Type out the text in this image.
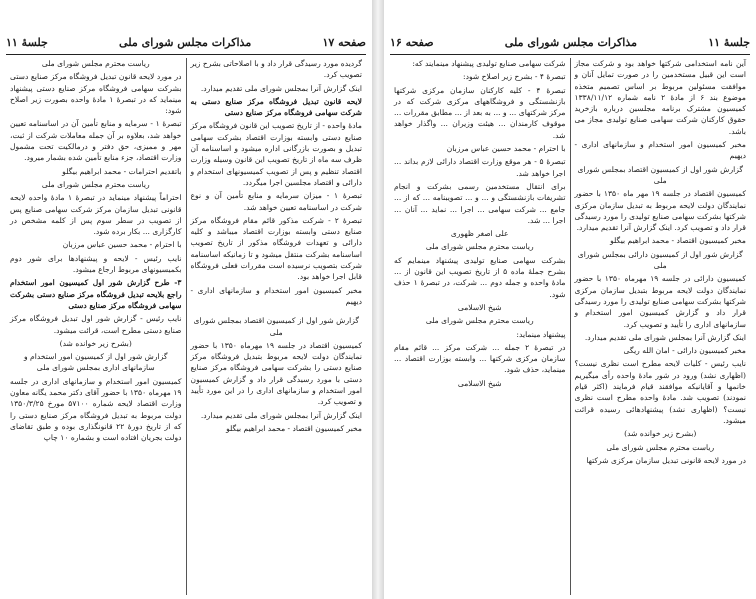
صفحه ۱۷
مذاکرات مجلس شورای ملی
جلسهٔ ۱۱

گردیده مورد رسیدگی قرار داد و با اصلاحاتی بشرح زیر تصویب کرد.

اینک گزارش آنرا بمجلس شورای ملی تقدیم میدارد.

لایحه قانون تبدیل فروشگاه مرکز صنایع دستی به شرکت سهامی فروشگاه مرکز صنایع دستی

مادهٔ واحده - از تاریخ تصویب این قانون فروشگاه مرکز صنایع دستی وابسته بوزارت اقتصاد بشرکت سهامی تبدیل و بصورت بازرگانی اداره میشود و اساسنامه آن ظرف سه ماه از تاریخ تصویب این قانون وسیله وزارت اقتصاد تنظیم و پس از تصویب کمیسیونهای استخدام و دارائی و اقتصاد مجلسین اجرا میگردد.

تبصرهٔ ۱ - میزان سرمایه و منابع تأمین آن و نوع شرکت در اساسنامه تعیین خواهد شد.

تبصرهٔ ۲ - شرکت مذکور قائم مقام فروشگاه مرکز صنایع دستی وابسته بوزارت اقتصاد میباشد و کلیه دارائی و تعهدات فروشگاه مذکور از تاریخ تصویب اساسنامه بشرکت منتقل میشود و تا زمانیکه اساسنامه شرکت بتصویب نرسیده است مقررات فعلی فروشگاه قابل اجرا خواهد بود.

مخبر کمیسیون امور استخدام و سازمانهای اداری - دیهیم

گزارش شور اول از کمیسیون اقتصاد بمجلس شورای ملی

کمیسیون اقتصاد در جلسه ۱۹ مهرماه ۱۳۵۰ با حضور نمایندگان دولت لایحه مربوط بتبدیل فروشگاه مرکز صنایع دستی را بشرکت سهامی فروشگاه مرکز صنایع دستی با مورد رسیدگی قرار داد و گزارش کمیسیون امور استخدام و سازمانهای اداری را در این مورد تأیید و تصویب کرد.

اینک گزارش آنرا بمجلس شورای ملی تقدیم میدارد.

مخبر کمیسیون اقتصاد - محمد ابراهیم بیگلو

ریاست محترم مجلس شورای ملی

در مورد لایحه قانون تبدیل فروشگاه مرکز صنایع دستی بشرکت سهامی فروشگاه مرکز صنایع دستی پیشنهاد مینماید که در تبصرهٔ ۱ مادهٔ واحده بصورت زیر اصلاح شود:

تبصرهٔ ۱ - سرمایه و منابع تأمین آن در اساسنامه تعیین خواهد شد، بعلاوه بر آن جمله معاملات شرکت از ثبت، مهر و ممیزی، حق دفتر و درمالکیت تحت مشمول وزارت اقتصاد، جزء منابع تأمین شده بشمار میرود.

باتقدیم احترامات - محمد ابراهیم بیگلو

ریاست محترم مجلس شورای ملی

احتراماً پیشنهاد مینماید در تبصرهٔ ۱ مادهٔ واحده لایحه قانونی تبدیل سازمان مرکز شرکت سهامی صنایع پس از تصویب در سطر سوم پس از کلمه مشخص در کارگزاری ... بکار برده شود.

با احترام - محمد حسین عباس مرزبان

نایب رئیس - لایحه و پیشنهادها برای شور دوم بکمیسیونهای مربوط ارجاع میشود.

۳- طرح گزارش شور اول کمیسیون امور استخدام راجع بلایحه تبدیل فروشگاه مرکز صنایع دستی بشرکت سهامی فروشگاه مرکز صنایع دستی

نایب رئیس - گزارش شور اول تبدیل فروشگاه مرکز صنایع دستی مطرح است، قرائت میشود.

(بشرح زیر خوانده شد)

گزارش شور اول از کمیسیون امور استخدام و سازمانهای اداری بمجلس شورای ملی

کمیسیون امور استخدام و سازمانهای اداری در جلسه ۱۹ مهرماه ۱۳۵۰ با حضور آقای دکتر محمد یگانه معاون وزارت اقتصاد لایحه شماره ۵۷۱۰۰ مورخ ۱۳۵۰/۳/۲۵ دولت مربوط به تبدیل فروشگاه مرکز صنایع دستی را که از تاریخ دورهٔ ۲۲ قانونگذاری بوده و طبق تقاضای دولت بجریان افتاده است و بشماره ۱۰ چاپ

جلسهٔ ۱۱
مذاکرات مجلس شورای ملی
صفحه ۱۶

آین نامه استخدامی شرکتها خواهد بود و شرکت مجاز است این قبیل مستخدمین را در صورت تمایل آنان و موافقت مسئولین مربوط بر اساس تصمیم متخذه موضوع بند ۶ از مادهٔ ۲ نامه شماره ۱۳۳۸/۱۱/۱۲ کمیسیون مشترک برنامه مجلسین درباره بازخرید حقوق کارکنان شرکت سهامی صنایع تولیدی مجاز می باشد.

مخبر کمیسیون امور استخدام و سازمانهای اداری - دیهیم

گزارش شور اول از کمیسیون اقتصاد بمجلس شورای ملی

کمیسیون اقتصاد در جلسه ۱۹ مهر ماه ۱۳۵۰ با حضور نمایندگان دولت لایحه مربوط به تبدیل سازمان مرکزی شرکتها بشرکت سهامی صنایع تولیدی را مورد رسیدگی قرار داد و تصویب کرد. اینک گزارش آنرا تقدیم میدارد.

مخبر کمیسیون اقتصاد - محمد ابراهیم بیگلو

گزارش شور اول از کمیسیون دارائی بمجلس شورای ملی

کمیسیون دارائی در جلسه ۱۹ مهرماه ۱۳۵۰ با حضور نمایندگان دولت لایحه مربوط بتبدیل سازمان مرکزی شرکتها بشرکت سهامی صنایع تولیدی را مورد رسیدگی قرار داد و گزارش کمیسیون امور استخدام و سازمانهای اداری را تأیید و تصویب کرد.

اینک گزارش آنرا بمجلس شورای ملی تقدیم میدارد.

مخبر کمیسیون دارائی - امان الله ریگی

نایب رئیس - کلیات لایحه مطرح است نظری نیست؟ (اظهاری نشد) ورود در شور مادهٔ واحده رأی میگیریم خانمها و آقایانیکه موافقند قیام فرمایند (اکثر قیام نمودند) تصویب شد. مادهٔ واحده مطرح است نظری نیست؟ (اظهاری نشد) پیشنهادهائی رسیده قرائت میشود.

(بشرح زیر خوانده شد)

ریاست محترم مجلس شورای ملی

در مورد لایحه قانونی تبدیل سازمان مرکزی شرکتها

شرکت سهامی صنایع تولیدی پیشنهاد مینمایند که:

تبصرهٔ ۴ - بشرح زیر اصلاح شود:

تبصرهٔ ۴ - کلیه کارکنان سازمان مرکزی شرکتها بازنشستگی و فروشگاههای مرکزی شرکت که در مرکز شرکتهای ... و ... به بعد از ... مطابق مقررات ... موقوف کارمندان ... هیئت وزیران ... واگذار خواهد شد.

با احترام - محمد حسین عباس مرزبان

تبصرهٔ ۵ - هر موقع وزارت اقتصاد دارائی لازم بداند ... اجرا خواهد شد.

برای انتقال مستخدمین رسمی بشرکت و انجام تشریفات بازنشستگی و ... و ... تصویبنامه ... که از ... جامع ... شرکت سهامی ... اجرا ... نماید ... آنان ... اجرا ... شد.

علی اصغر ظهوری

ریاست محترم مجلس شورای ملی

بشرکت سهامی صنایع تولیدی پیشنهاد مینمایم که بشرح جملهٔ ماده ۵ از تاریخ تصویب این قانون از ... مادهٔ واحده و جمله دوم ... شرکت، در تبصرهٔ ۱ حذف شود.

شیخ الاسلامی

ریاست محترم مجلس شورای ملی

پیشنهاد مینماید:

در تبصرهٔ ۲ جمله ... شرکت مرکز ... قائم مقام سازمان مرکزی شرکتها ... وابسته بوزارت اقتصاد ... مینماید، حذف شود.

شیخ الاسلامی
